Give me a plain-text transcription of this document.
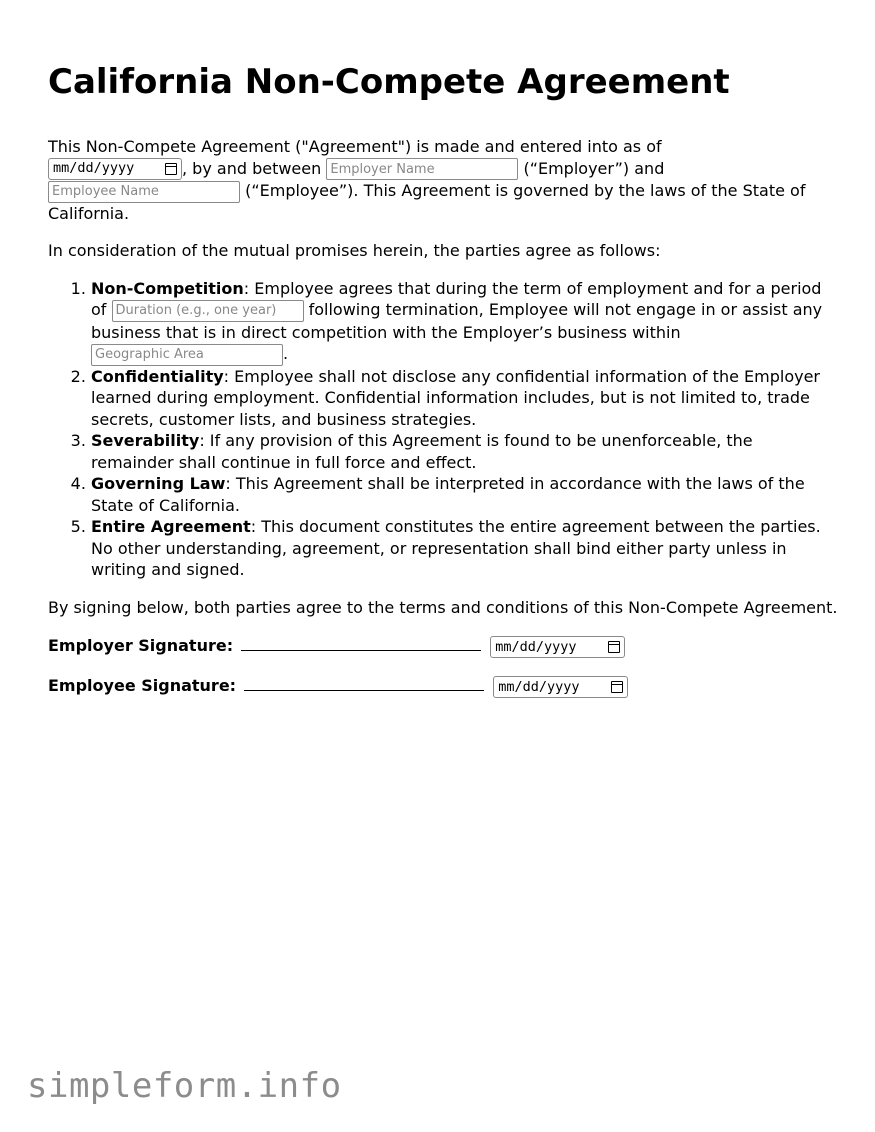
California Non-Compete Agreement

This Non-Compete Agreement ("Agreement") is made and entered into as of

mm/dd/yyyy	, by and between Employer Name	(“Employer”) and
Employee Name (“Employee”). This Agreement is governed by the laws of the State of California.

In consideration of the mutual promises herein, the parties agree as follows:

1. Non-Competition: Employee agrees that during the term of employment and for a period of Duration (e.g., one year)	following termination, Employee will not engage in or assist any business that is in direct competition with the Employer’s business within Geographic Area.
2. Confidentiality: Employee shall not disclose any confidential information of the Employer learned during employment. Confidential information includes, but is not limited to, trade secrets, customer lists, and business strategies.
3. Severability: If any provision of this Agreement is found to be unenforceable, the remainder shall continue in full force and effect.
4. Governing Law: This Agreement shall be interpreted in accordance with the laws of the State of California.
5. Entire Agreement: This document constitutes the entire agreement between the parties. No other understanding, agreement, or representation shall bind either party unless in writing and signed.

By signing below, both parties agree to the terms and conditions of this Non-Compete Agreement.

Employer Signature:	mm/dd/yyyy
Employee Signature:	mm/dd/yyyy
simpleform.info
